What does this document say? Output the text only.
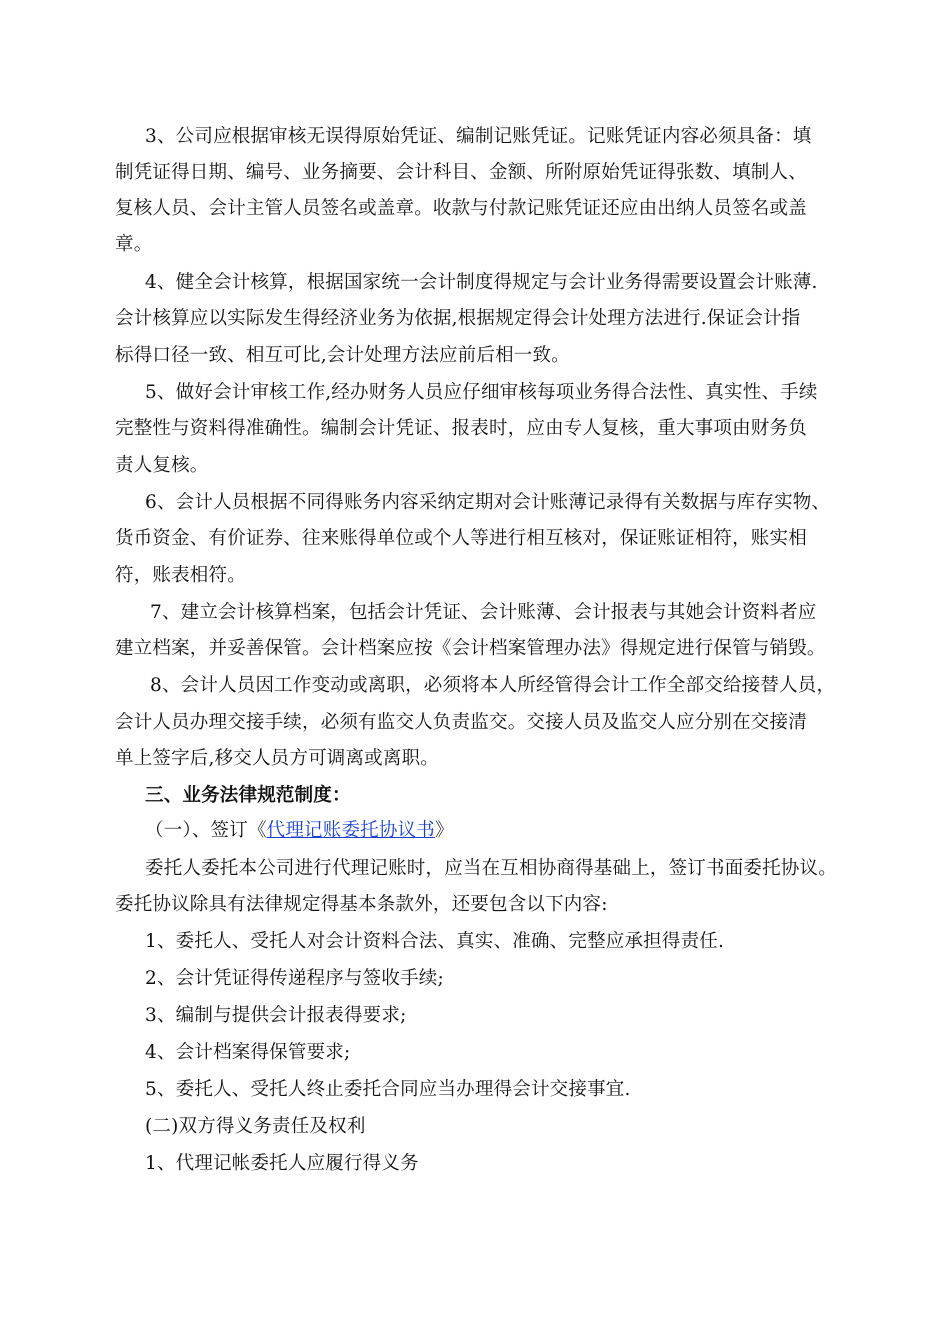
3、公司应根据审核无误得原始凭证、编制记账凭证。记账凭证内容必须具备：填
制凭证得日期、编号、业务摘要、会计科目、金额、所附原始凭证得张数、填制人、
复核人员、会计主管人员签名或盖章。收款与付款记账凭证还应由出纳人员签名或盖
章。
4、健全会计核算，根据国家统一会计制度得规定与会计业务得需要设置会计账薄.
会计核算应以实际发生得经济业务为依据,根据规定得会计处理方法进行.保证会计指
标得口径一致、相互可比,会计处理方法应前后相一致。
5、做好会计审核工作,经办财务人员应仔细审核每项业务得合法性、真实性、手续
完整性与资料得准确性。编制会计凭证、报表时，应由专人复核，重大事项由财务负
责人复核。
6、会计人员根据不同得账务内容采纳定期对会计账薄记录得有关数据与库存实物、
货币资金、有价证券、往来账得单位或个人等进行相互核对，保证账证相符，账实相
符，账表相符。
7、建立会计核算档案，包括会计凭证、会计账薄、会计报表与其她会计资料者应
建立档案，并妥善保管。会计档案应按《会计档案管理办法》得规定进行保管与销毁。
8、会计人员因工作变动或离职，必须将本人所经管得会计工作全部交给接替人员，
会计人员办理交接手续，必须有监交人负责监交。交接人员及监交人应分别在交接清
单上签字后,移交人员方可调离或离职。
三、业务法律规范制度：
（一）、签订《代理记账委托协议书》
委托人委托本公司进行代理记账时，应当在互相协商得基础上，签订书面委托协议。
委托协议除具有法律规定得基本条款外，还要包含以下内容:
1、委托人、受托人对会计资料合法、真实、准确、完整应承担得责任.
2、会计凭证得传递程序与签收手续;
3、编制与提供会计报表得要求;
4、会计档案得保管要求;
5、委托人、受托人终止委托合同应当办理得会计交接事宜.
(二)双方得义务责任及权利
1、代理记帐委托人应履行得义务
